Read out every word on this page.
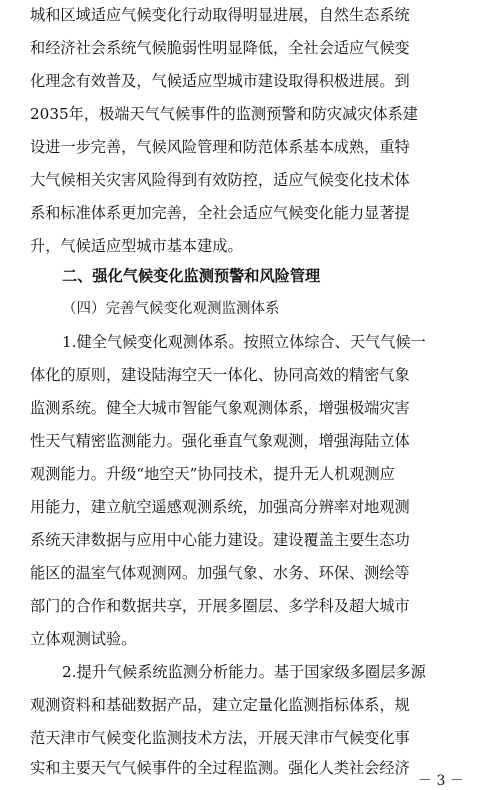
城和区域适应气候变化行动取得明显进展，自然生态系统
和经济社会系统气候脆弱性明显降低，全社会适应气候变
化理念有效普及，气候适应型城市建设取得积极进展。到
2035年，极端天气气候事件的监测预警和防灾减灾体系建
设进一步完善，气候风险管理和防范体系基本成熟，重特
大气候相关灾害风险得到有效防控，适应气候变化技术体
系和标准体系更加完善，全社会适应气候变化能力显著提
升，气候适应型城市基本建成。
二、强化气候变化监测预警和风险管理
（四）完善气候变化观测监测体系
1.健全气候变化观测体系。按照立体综合、天气气候一
体化的原则，建设陆海空天一体化、协同高效的精密气象
监测系统。健全大城市智能气象观测体系，增强极端灾害
性天气精密监测能力。强化垂直气象观测，增强海陆立体
观测能力。升级“地空天”协同技术，提升无人机观测应
用能力，建立航空遥感观测系统，加强高分辨率对地观测
系统天津数据与应用中心能力建设。建设覆盖主要生态功
能区的温室气体观测网。加强气象、水务、环保、测绘等
部门的合作和数据共享，开展多圈层、多学科及超大城市
立体观测试验。
2.提升气候系统监测分析能力。基于国家级多圈层多源
观测资料和基础数据产品，建立定量化监测指标体系，规
范天津市气候变化监测技术方法，开展天津市气候变化事
实和主要天气气候事件的全过程监测。强化人类社会经济
－ 3 －
